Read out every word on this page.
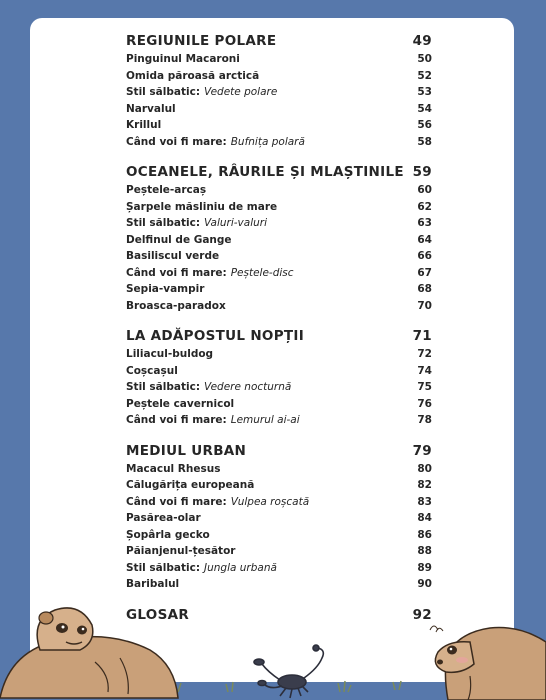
REGIUNILE POLARE	49
Pinguinul Macaroni	50
Omida păroasă arctică	52
Stil sălbatic: Vedete polare	53
Narvalul	54
Krillul	56
Când voi fi mare: Bufnița polară	58
OCEANELE, RÂURILE ȘI MLAȘTINILE 59
Peștele-arcaș	60
Șarpele măsliniu de mare	62
Stil sălbatic: Valuri-valuri	63
Delfinul de Gange	64
Basiliscul verde	66
Când voi fi mare: Peștele-disc	67
Sepia-vampir	68
Broasca-paradox	70
LA ADĂPOSTUL NOPȚII	71
Liliacul-buldog	72
Coșcașul	74
Stil sălbatic: Vedere nocturnă	75
Peștele cavernicol	76
Când voi fi mare: Lemurul ai-ai	78
MEDIUL URBAN	79
Macacul Rhesus	80
Călugărița europeană	82
Când voi fi mare: Vulpea roșcată	83
Pasărea-olar	84
Șopârla gecko	86
Păianjenul-țesător	88
Stil sălbatic: Jungla urbană	89
Baribalul	90
GLOSAR	92
